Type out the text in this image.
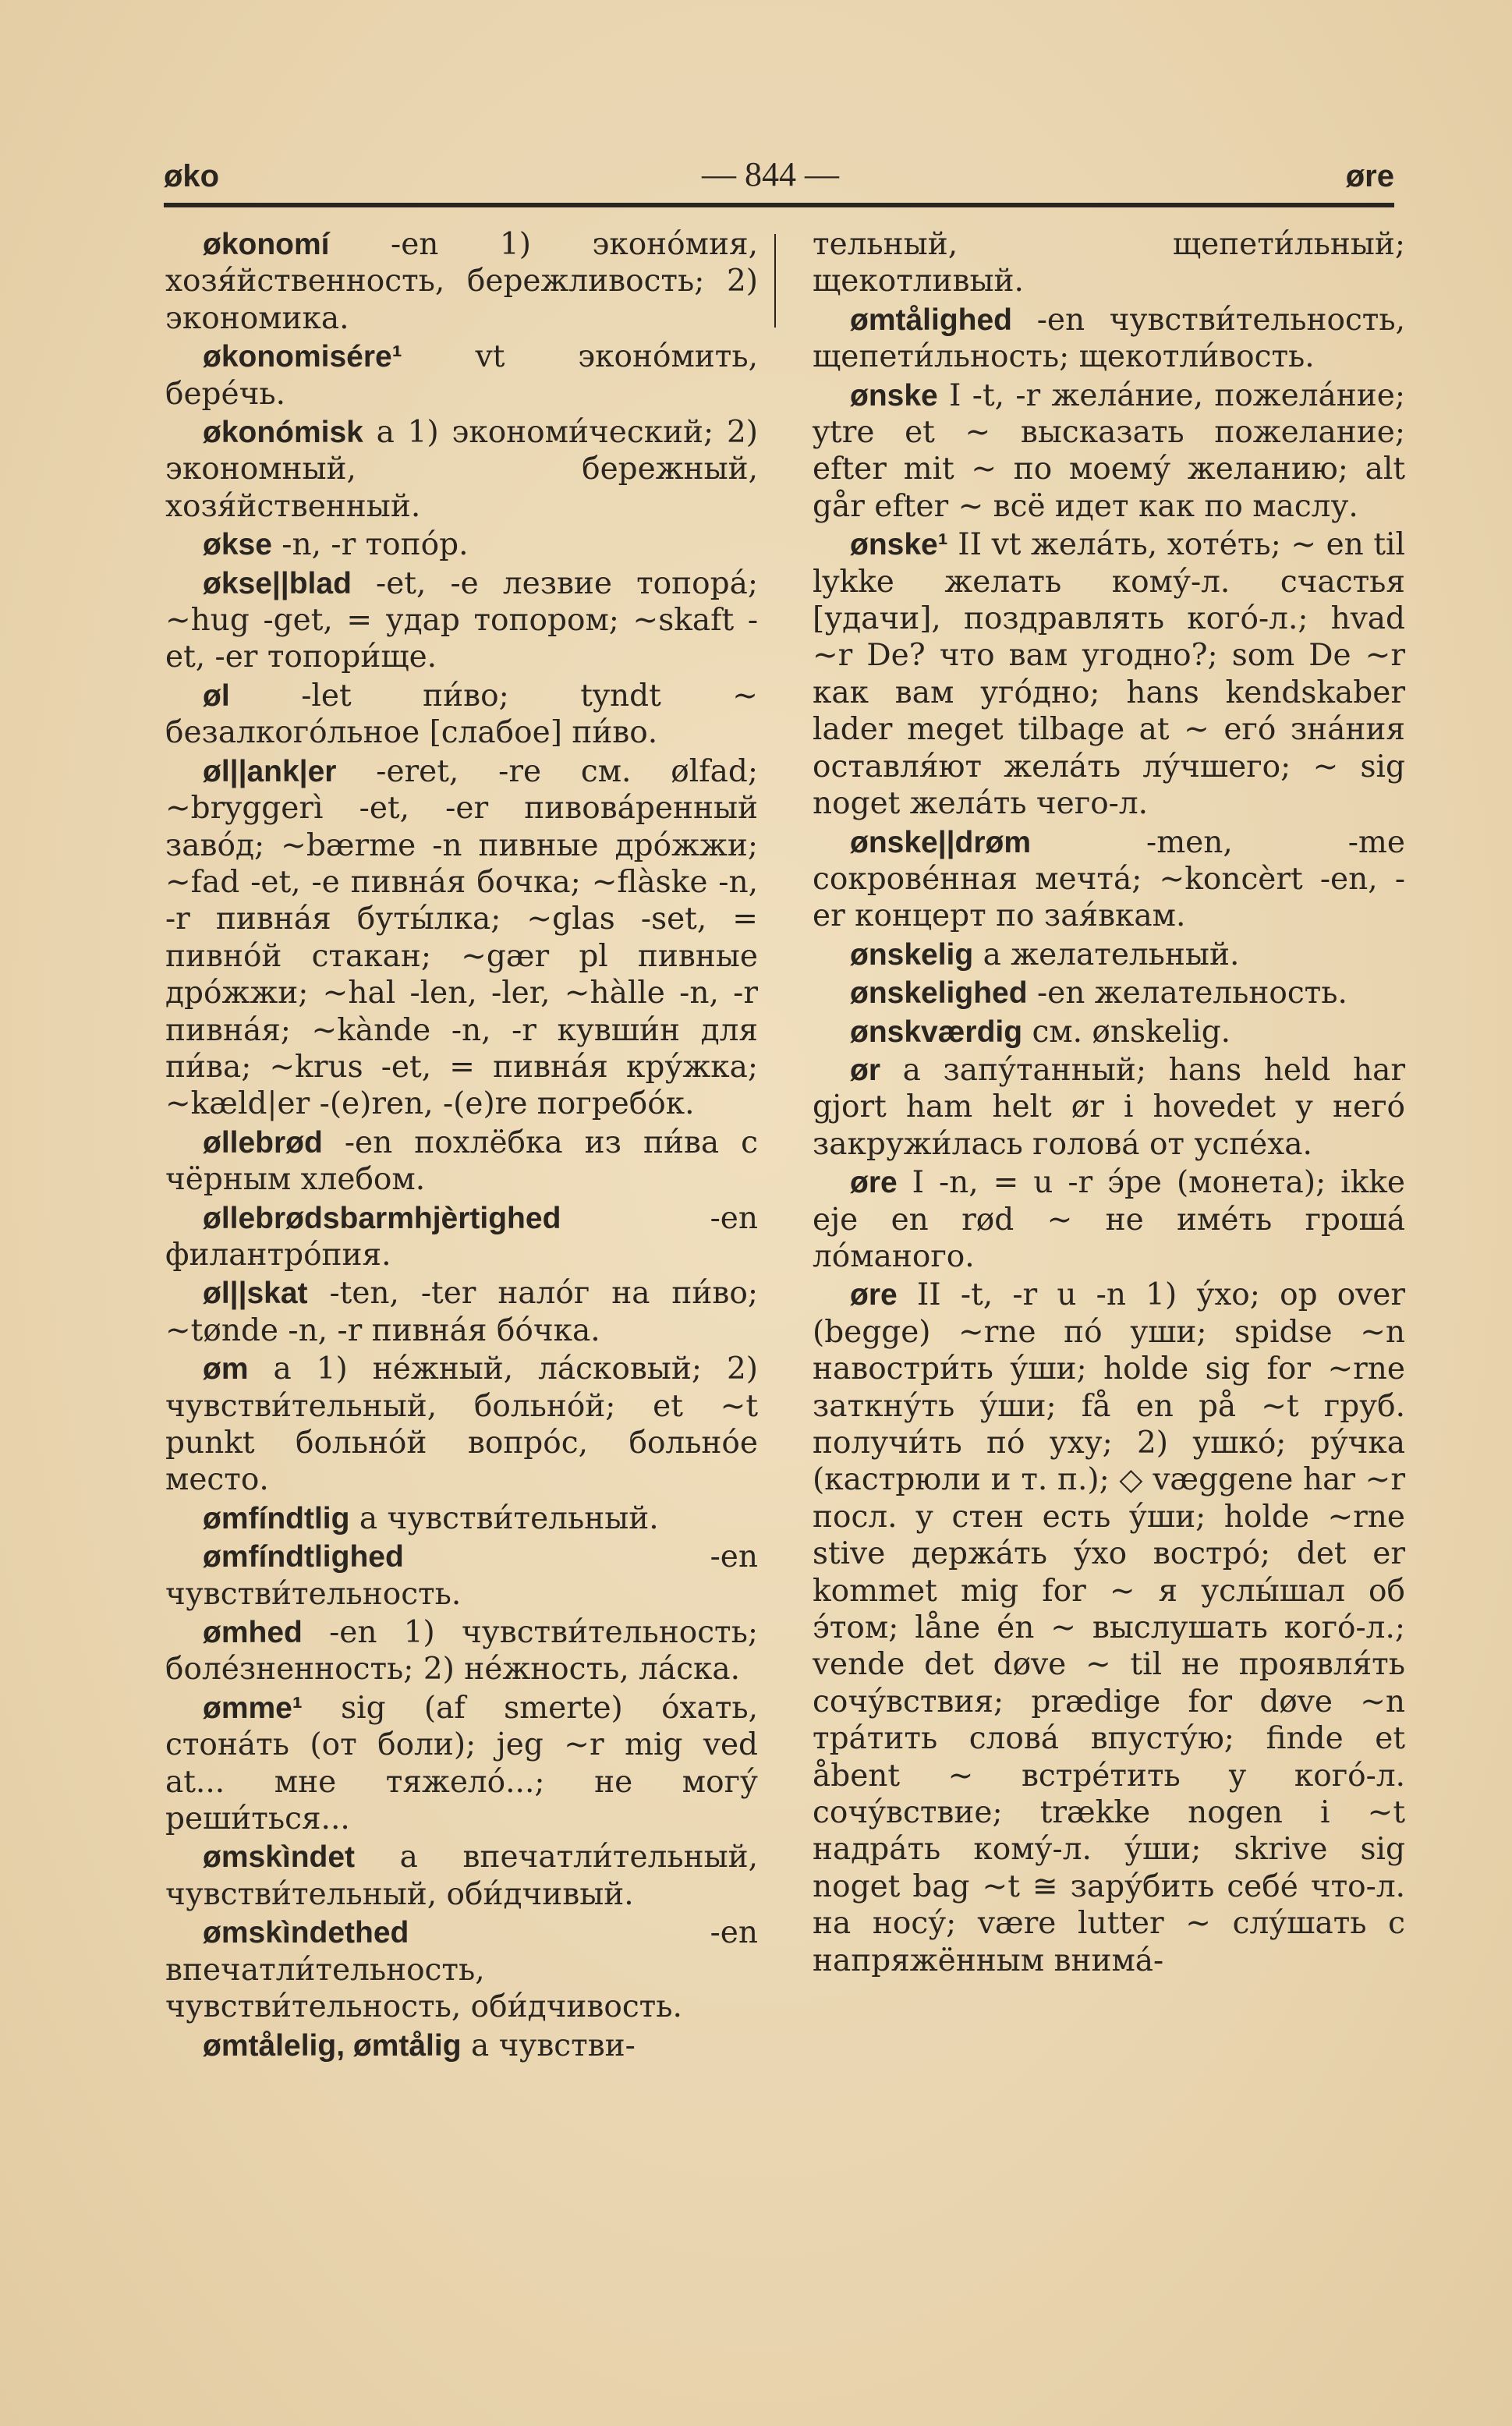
øko	— 844 —	øre
økonomí -en 1) эконо́мия, хозя́йственность, бережливость; 2) экономика.
økonomisére¹ vt эконо́мить, бере́чь.
økonómisk a 1) экономи́ческий; 2) экономный, бережный, хозя́йственный.
økse -n, -r топо́р.
økse||blad -et, -e лезвие топора́; ~hug -get, = удар топором; ~skaft -et, -er топори́ще.
øl -let пи́во; tyndt ~ безалкого́льное [слабое] пи́во.
øl||ank|er -eret, -re см. ølfad; ~bryggerì -et, -er пивова́ренный заво́д; ~bærme -n пивные дро́жжи; ~fad -et, -e пивна́я бочка; ~flàske -n, -r пивна́я буты́лка; ~glas -set, = пивно́й стакан; ~gær pl пивные дро́жжи; ~hal -len, -ler, ~hàlle -n, -r пивна́я; ~kànde -n, -r кувши́н для пи́ва; ~krus -et, = пивна́я кру́жка; ~kæld|er -(e)ren, -(e)re погребо́к.
øllebrød -en похлёбка из пи́ва с чёрным хлебом.
øllebrødsbarmhjèrtighed -en филантро́пия.
øl||skat -ten, -ter нало́г на пи́во; ~tønde -n, -r пивна́я бо́чка.
øm a 1) не́жный, ла́сковый; 2) чувстви́тельный, больно́й; et ~t punkt больно́й вопро́с, больно́е место.
ømfíndtlig a чувстви́тельный.
ømfíndtlighed -en чувстви́тельность.
ømhed -en 1) чувстви́тельность; боле́зненность; 2) не́жность, ла́ска.
ømme¹ sig (af smerte) о́хать, стона́ть (от боли); jeg ~r mig ved at... мне тяжело́...; не могу́ реши́ться...
ømskìndet a впечатли́тельный, чувстви́тельный, оби́дчивый.
ømskìndethed -en впечатли́тельность, чувстви́тельность, оби́дчивость.
ømtålelig, ømtålig a чувстви-
тельный, щепети́льный; щекотливый.
ømtålighed -en чувстви́тельность, щепети́льность; щекотли́вость.
ønske I -t, -r жела́ние, пожела́ние; ytre et ~ высказать пожелание; efter mit ~ по моему́ желанию; alt går efter ~ всё идет как по маслу.
ønske¹ II vt жела́ть, хоте́ть; ~ en til lykke желать кому́-л. счастья [удачи], поздравлять кого́-л.; hvad ~r De? что вам угодно?; som De ~r как вам уго́дно; hans kendskaber lader meget tilbage at ~ его́ зна́ния оставля́ют жела́ть лу́чшего; ~ sig noget жела́ть чего-л.
ønske||drøm -men, -me сокрове́нная мечта́; ~koncèrt -en, -er концерт по зая́вкам.
ønskelig a желательный.
ønskelighed -en желательность.
ønskværdig см. ønskelig.
ør a запу́танный; hans held har gjort ham helt ør i hovedet у него́ закружи́лась голова́ от успе́ха.
øre I -n, = u -r э́ре (монета); ikke eje en rød ~ не име́ть гроша́ ло́маного.
øre II -t, -r u -n 1) у́хо; op over (begge) ~rne по́ уши; spidse ~n навостри́ть у́ши; holde sig for ~rne заткну́ть у́ши; få en på ~t груб. получи́ть по́ уху; 2) ушко́; ру́чка (кастрюли и т. п.); ◇ væggene har ~r посл. у стен есть у́ши; holde ~rne stive держа́ть у́хо востро́; det er kommet mig for ~ я услы́шал об э́том; låne én ~ выслушать кого́-л.; vende det døve ~ til не проявля́ть сочу́вствия; prædige for døve ~n тра́тить слова́ впусту́ю; finde et åbent ~ встре́тить у кого́-л. сочу́вствие; trække nogen i ~t надра́ть кому́-л. у́ши; skrive sig noget bag ~t ≅ зару́бить себе́ что-л. на носу́; være lutter ~ слу́шать с напряжённым внима́-
